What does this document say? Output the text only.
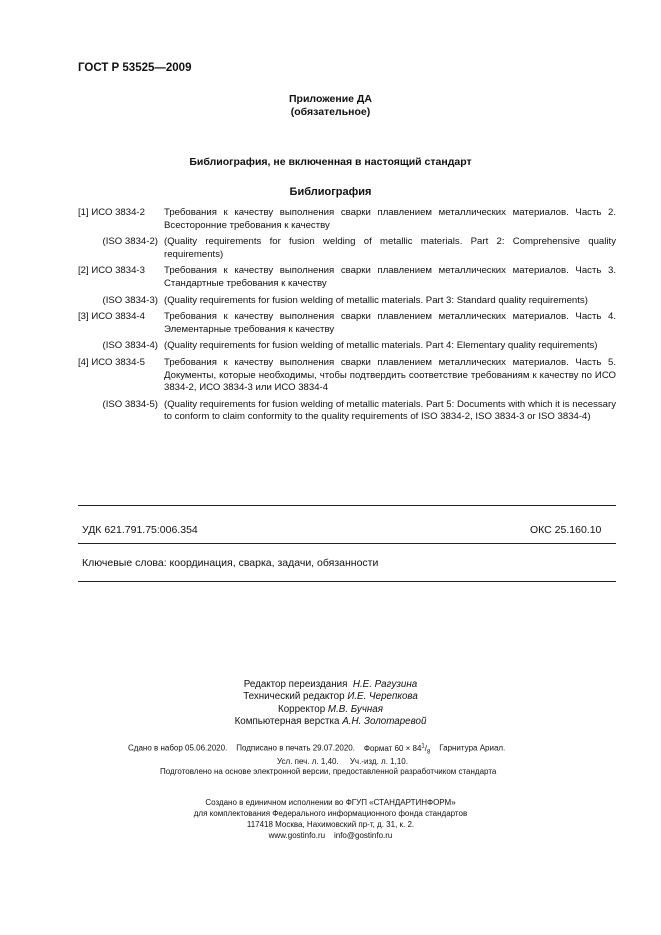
ГОСТ Р 53525—2009
Приложение ДА
(обязательное)
Библиография, не включенная в настоящий стандарт
Библиография
[1] ИСО 3834-2	Требования к качеству выполнения сварки плавлением металлических материалов. Часть 2. Всесторонние требования к качеству
(ISO 3834-2) (Quality requirements for fusion welding of metallic materials. Part 2: Comprehensive quality requirements)
[2] ИСО 3834-3	Требования к качеству выполнения сварки плавлением металлических материалов. Часть 3. Стандартные требования к качеству
(ISO 3834-3) (Quality requirements for fusion welding of metallic materials. Part 3: Standard quality requirements)
[3] ИСО 3834-4	Требования к качеству выполнения сварки плавлением металлических материалов. Часть 4. Элементарные требования к качеству
(ISO 3834-4) (Quality requirements for fusion welding of metallic materials. Part 4: Elementary quality requirements)
[4] ИСО 3834-5	Требования к качеству выполнения сварки плавлением металлических материалов. Часть 5. Документы, которые необходимы, чтобы подтвердить соответствие требованиям к качеству по ИСО 3834-2, ИСО 3834-3 или ИСО 3834-4
(ISO 3834-5) (Quality requirements for fusion welding of metallic materials. Part 5: Documents with which it is necessary to conform to claim conformity to the quality requirements of ISO 3834-2, ISO 3834-3 or ISO 3834-4)
УДК 621.791.75:006.354	ОКС 25.160.10
Ключевые слова: координация, сварка, задачи, обязанности
Редактор переиздания Н.Е. Рагузина
Технический редактор И.Е. Черепкова
Корректор М.В. Бучная
Компьютерная верстка А.Н. Золотаревой
Сдано в набор 05.06.2020. Подписано в печать 29.07.2020. Формат $60 \times 84^1/_8$ Гарнитура Ариал.
Усл. печ. л. 1,40. Уч.-изд. л. 1,10.
Подготовлено на основе электронной версии, предоставленной разработчиком стандарта
Создано в единичном исполнении во ФГУП «СТАНДАРТИНФОРМ»
для комплектования Федерального информационного фонда стандартов
117418 Москва, Нахимовский пр-т, д. 31, к. 2.
www.gostinfo.ru info@gostinfo.ru
